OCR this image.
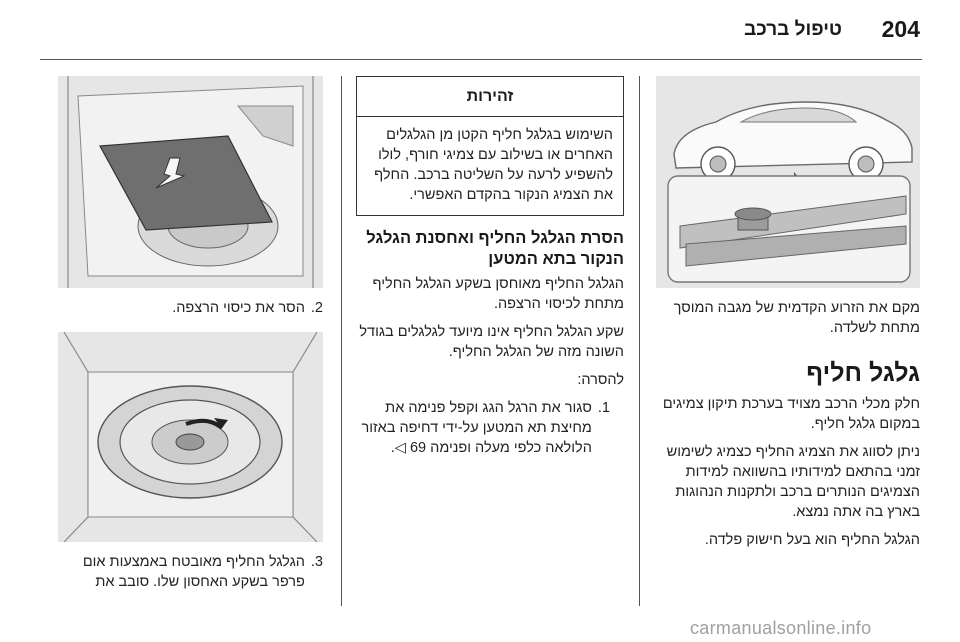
טיפול ברכב 204
מקם את הזרוע הקדמית של מגבה המוסך מתחת לשלדה.
גלגל חליף
חלק מכלי הרכב מצויד בערכת תיקון צמיגים במקום גלגל חליף.
ניתן לסווג את הצמיג החליף כצמיג לשימוש זמני בהתאם למידותיו בהשוואה למידות הצמיגים הנותרים ברכב ולתקנות הנהוגות בארץ בה אתה נמצא.
הגלגל החליף הוא בעל חישוק פלדה.
זהירות
השימוש בגלגל חליף הקטן מן הגלגלים האחרים או בשילוב עם צמיגי חורף, לולו להשפיע לרעה על השליטה ברכב. החלף את הצמיג הנקור בהקדם האפשרי.
הסרת הגלגל החליף ואחסנת הגלגל הנקור בתא המטען
הגלגל החליף מאוחסן בשקע הגלגל החליף מתחת לכיסוי הרצפה.
שקע הגלגל החליף אינו מיועד לגלגלים בגודל השונה מזה של הגלגל החליף.
להסרה:
1.
סגור את הרגל הגג וקפל פנימה את מחיצת תא המטען על-ידי דחיפה באזור הלולאה כלפי מעלה ופנימה 69 ◁.
2.
הסר את כיסוי הרצפה.
3.
הגלגל החליף מאובטח באמצעות אום פרפר בשקע האחסון שלו. סובב את
carmanualsonline.info
